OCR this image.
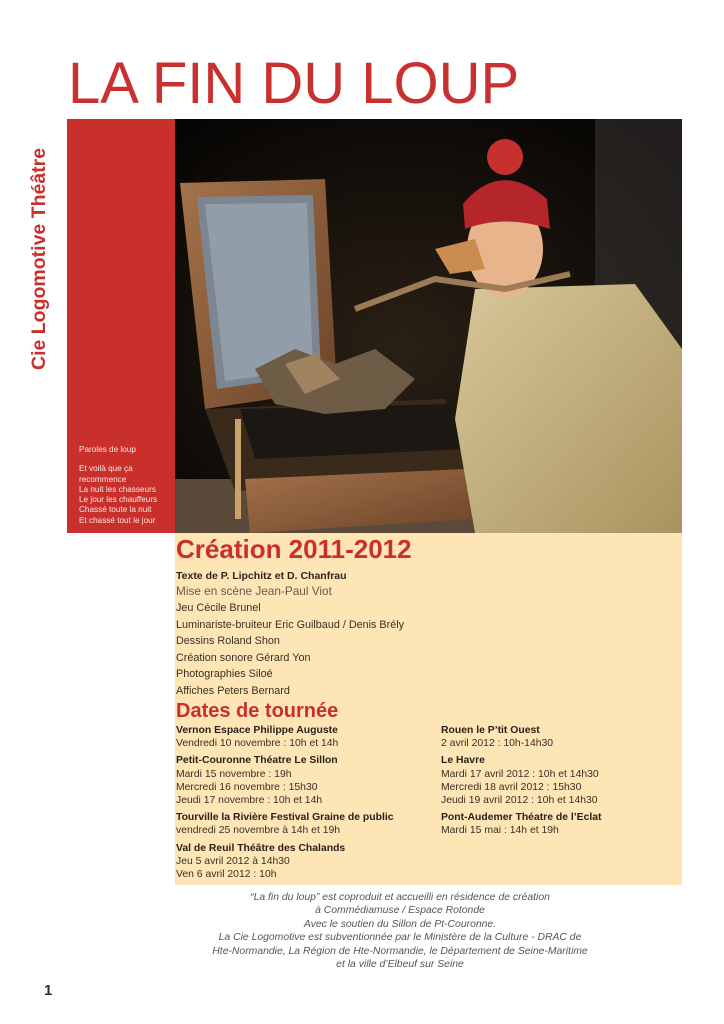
LA FIN DU LOUP
Cie Logomotive Théâtre

Paroles de loup

Et voilà que ça

recommence

La nuit les chasseurs

Le jour les chauffeurs

Chassé toute la nuit

Et chassé tout le jour

Création 2011-2012
Texte de P. Lipchitz et D. Chanfrau
Mise en scène Jean-Paul Viot
Jeu Cécile Brunel
Luminariste-bruiteur Eric Guilbaud / Denis Brély
Dessins Roland Shon
Création sonore Gérard Yon
Photographies Siloé
Affiches Peters Bernard
Dates de tournée
Vernon Espace Philippe Auguste
Vendredi 10 novembre : 10h et 14h
Petit-Couronne Théatre Le Sillon
Mardi 15 novembre : 19h
Mercredi 16 novembre : 15h30
Jeudi 17 novembre : 10h et 14h
Tourville la Rivière Festival Graine de public
vendredi 25 novembre à 14h et 19h
Val de Reuil Théâtre des Chalands
Jeu 5 avril 2012 à 14h30
Ven 6 avril 2012 : 10h
Rouen le P’tit Ouest
2 avril 2012 : 10h-14h30
Le Havre
Mardi 17 avril 2012 : 10h et 14h30
Mercredi 18 avril 2012 : 15h30
Jeudi 19 avril 2012 : 10h et 14h30
Pont-Audemer Théatre de l’Eclat
Mardi 15 mai : 14h et 19h

“La fin du loup” est coproduit et accueilli en résidence de création

à Commédiamuse / Espace Rotonde

Avec le soutien du Sillon de Pt-Couronne.

La Cie Logomotive est subventionnée par le Ministère de la Culture - DRAC de

Hte-Normandie, La Région de Hte-Normandie, le Département de Seine-Maritime

et la ville d’Elbeuf sur Seine

1
